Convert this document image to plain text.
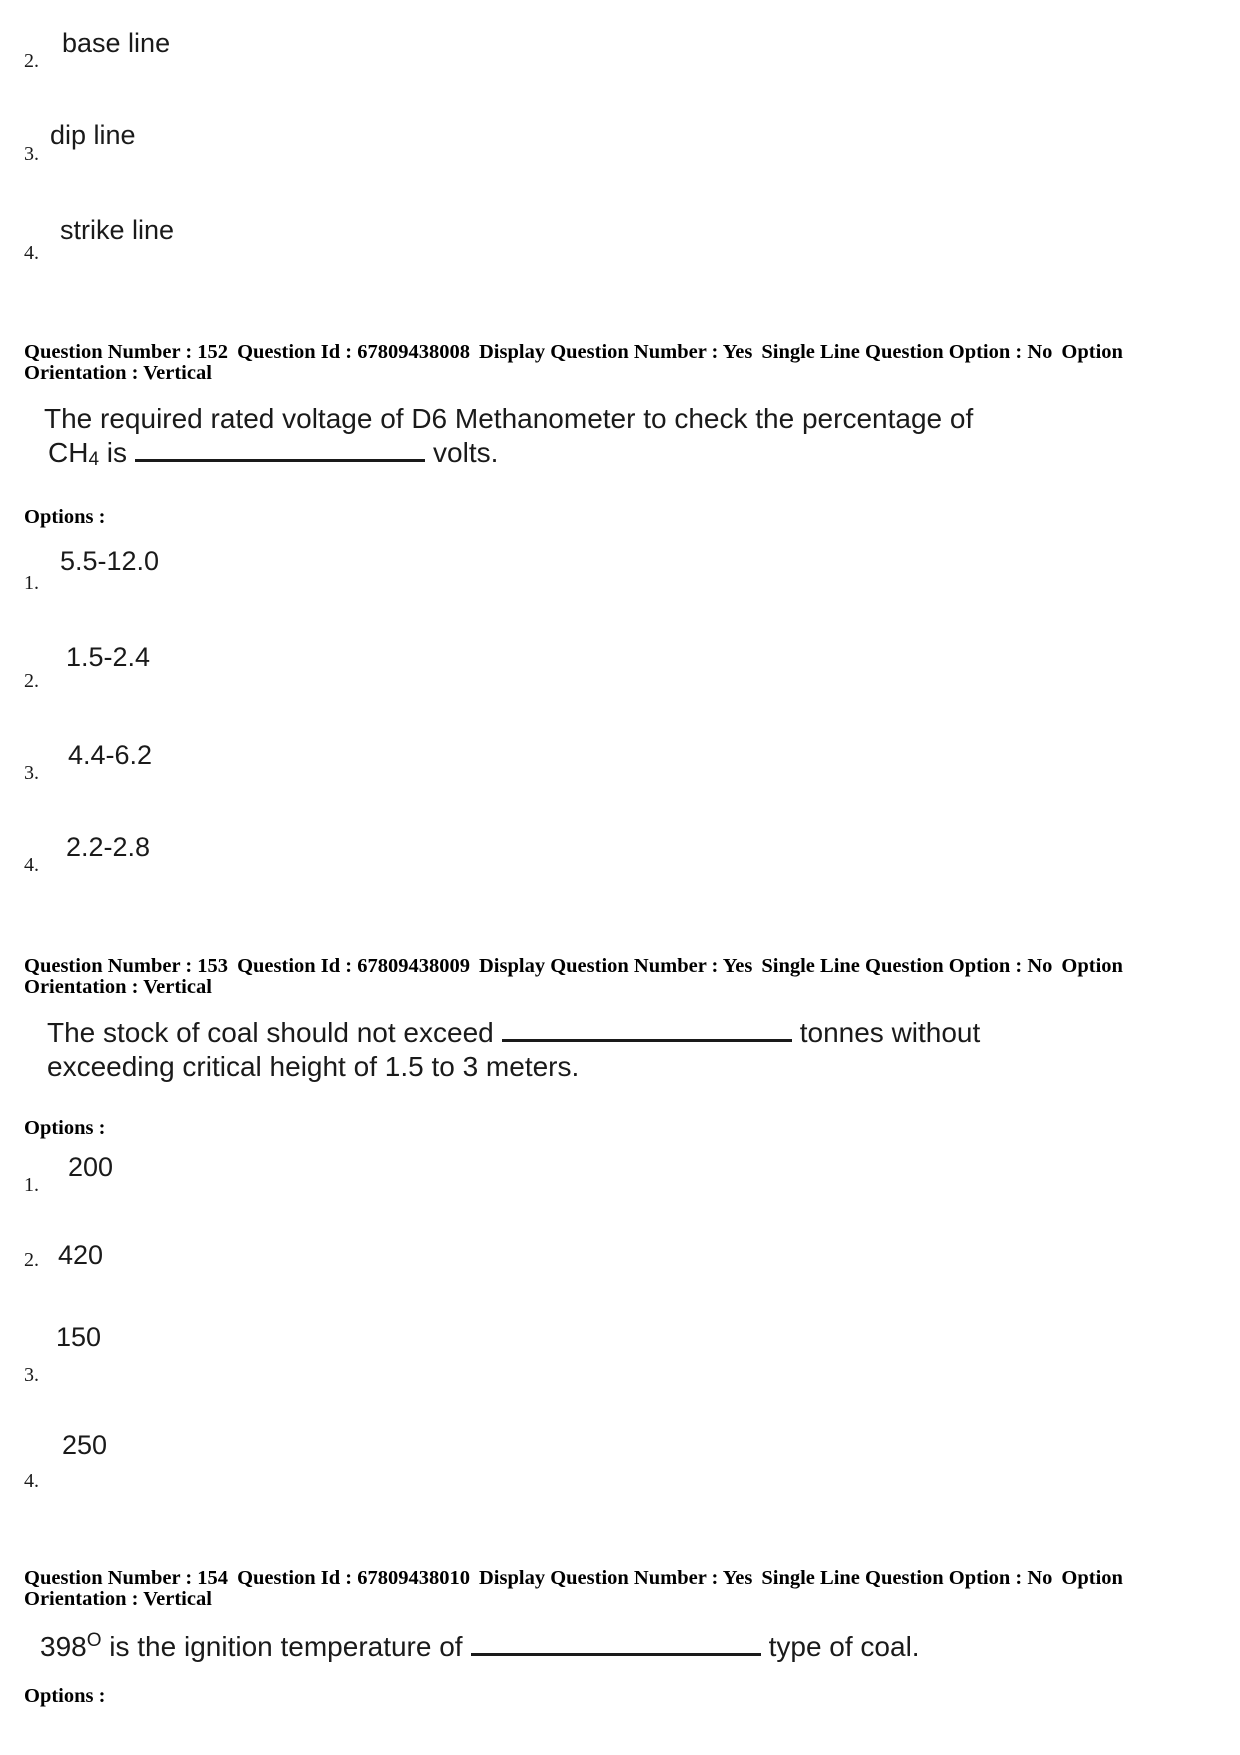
2.
base line
3.
dip line
4.
strike line
Question Number : 152 Question Id : 67809438008 Display Question Number : Yes Single Line Question Option : No Option
Orientation : Vertical
The required rated voltage of D6 Methanometer to check the percentage of
$CH_4$ is	volts.
Options :
1.
5.5-12.0
2.
1.5-2.4
3.
4.4-6.2
4.
2.2-2.8
Question Number : 153 Question Id : 67809438009 Display Question Number : Yes Single Line Question Option : No Option
Orientation : Vertical
The stock of coal should not exceed	tonnes without
exceeding critical height of 1.5 to 3 meters.
Options :
1.
200
2. 420
3.
150
4.
250
Question Number : 154 Question Id : 67809438010 Display Question Number : Yes Single Line Question Option : No Option
Orientation : Vertical
$398^O$ is the ignition temperature of	type of coal.
Options :
